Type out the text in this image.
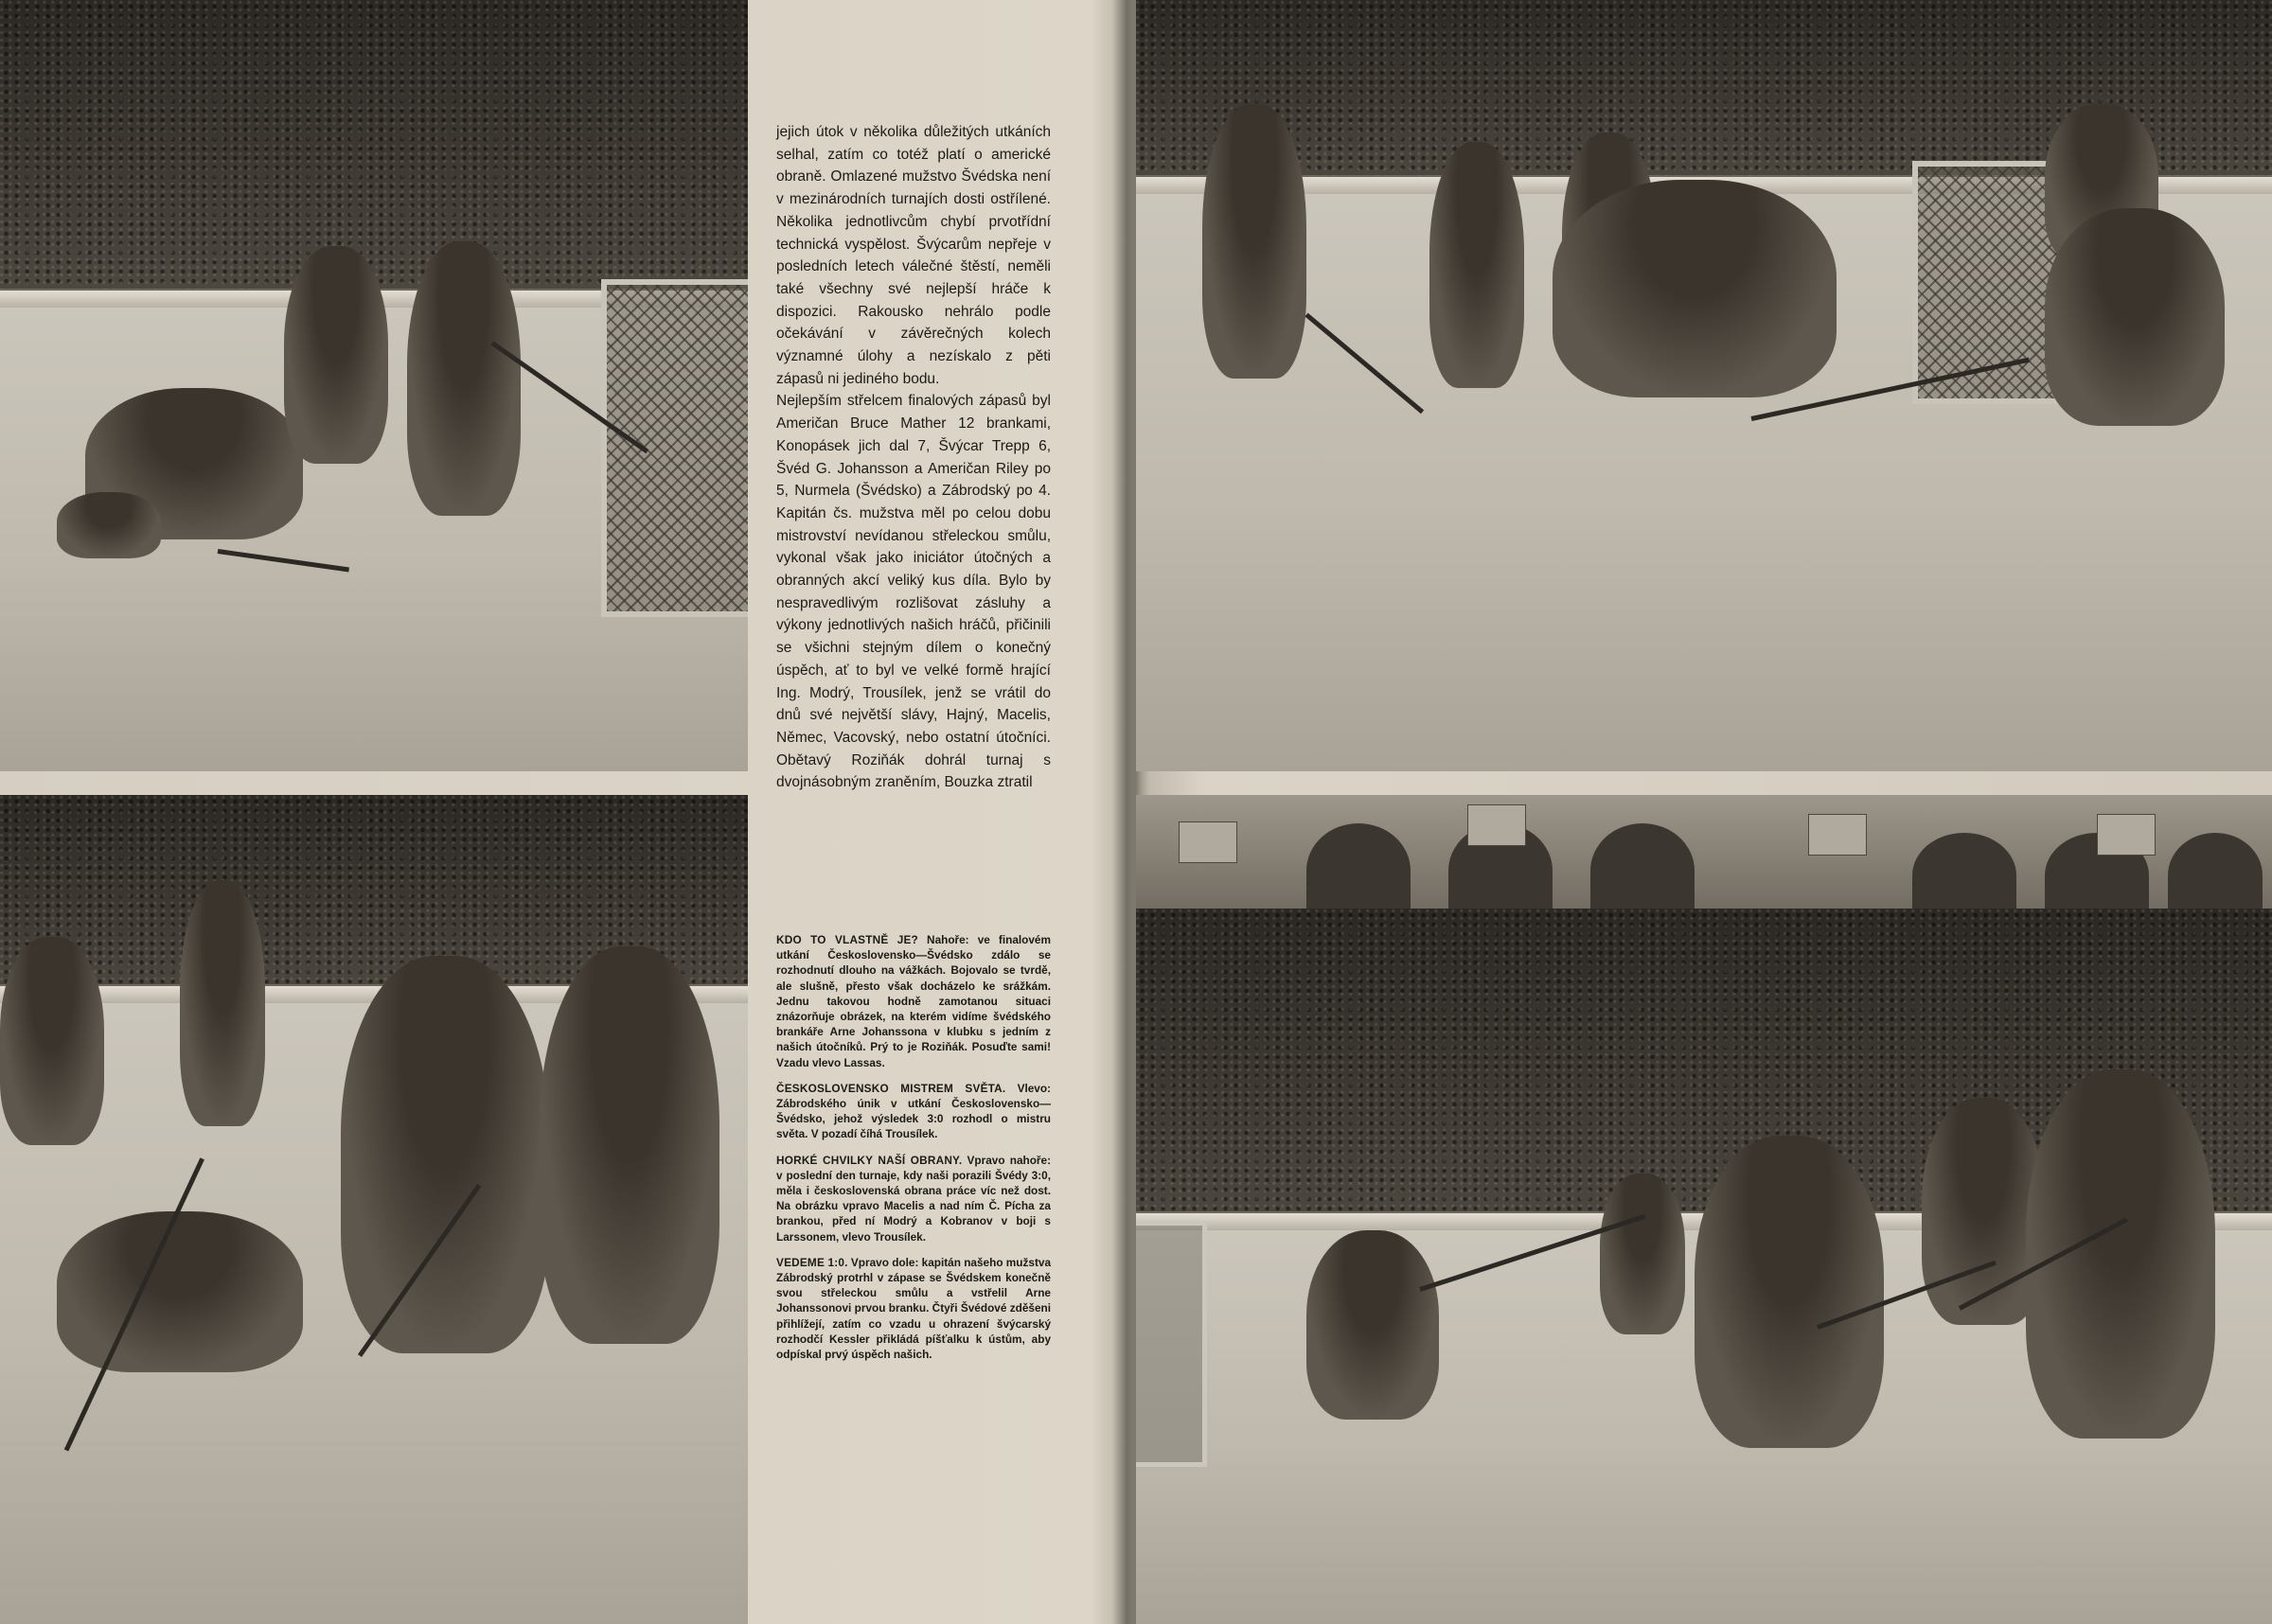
jejich útok v několika důležitých utkáních selhal, zatím co totéž platí o americké obraně. Omlazené mužstvo Švédska není v mezinárodních turnajích dosti ostřílené. Několika jednotlivcům chybí prvotřídní technická vyspělost. Švýcarům nepřeje v posledních letech válečné štěstí, neměli také všechny své nejlepší hráče k dispozici. Rakousko nehrálo podle očekávání v závěrečných kolech významné úlohy a nezískalo z pěti zápasů ni jediného bodu.

Nejlepším střelcem finalových zápasů byl Američan Bruce Mather 12 brankami, Konopásek jich dal 7, Švýcar Trepp 6, Švéd G. Johansson a Američan Riley po 5, Nurmela (Švédsko) a Zábrodský po 4. Kapitán čs. mužstva měl po celou dobu mistrovství nevídanou střeleckou smůlu, vykonal však jako iniciátor útočných a obranných akcí veliký kus díla. Bylo by nespravedlivým rozlišovat zásluhy a výkony jednotlivých našich hráčů, přičinili se všichni stejným dílem o konečný úspěch, ať to byl ve velké formě hrající Ing. Modrý, Trousílek, jenž se vrátil do dnů své největší slávy, Hajný, Macelis, Němec, Vacovský, nebo ostatní útočníci. Obětavý Roziňák dohrál turnaj s dvojnásobným zraněním, Bouzka ztratil

KDO TO VLASTNĚ JE? Nahoře: ve finalovém utkání Československo—Švédsko zdálo se rozhodnutí dlouho na vážkách. Bojovalo se tvrdě, ale slušně, přesto však docházelo ke srážkám. Jednu takovou hodně zamotanou situaci znázorňuje obrázek, na kterém vidíme švédského brankáře Arne Johanssona v klubku s jedním z našich útočníků. Prý to je Roziňák. Posuďte sami! Vzadu vlevo Lassas.

ČESKOSLOVENSKO MISTREM SVĚTA. Vlevo: Zábrodského únik v utkání Československo—Švédsko, jehož výsledek 3:0 rozhodl o mistru světa. V pozadí číhá Trousílek.

HORKÉ CHVILKY NAŠÍ OBRANY. Vpravo nahoře: v poslední den turnaje, kdy naši porazili Švédy 3:0, měla i československá obrana práce víc než dost. Na obrázku vpravo Macelis a nad ním Č. Pícha za brankou, před ní Modrý a Kobranov v boji s Larssonem, vlevo Trousílek.

VEDEME 1:0. Vpravo dole: kapitán našeho mužstva Zábrodský protrhl v zápase se Švédskem konečně svou střeleckou smůlu a vstřelil Arne Johanssonovi prvou branku. Čtyři Švédové zděšeni přihlížejí, zatím co vzadu u ohrazení švýcarský rozhodčí Kessler přikládá píšťalku k ústům, aby odpískal prvý úspěch našich.
